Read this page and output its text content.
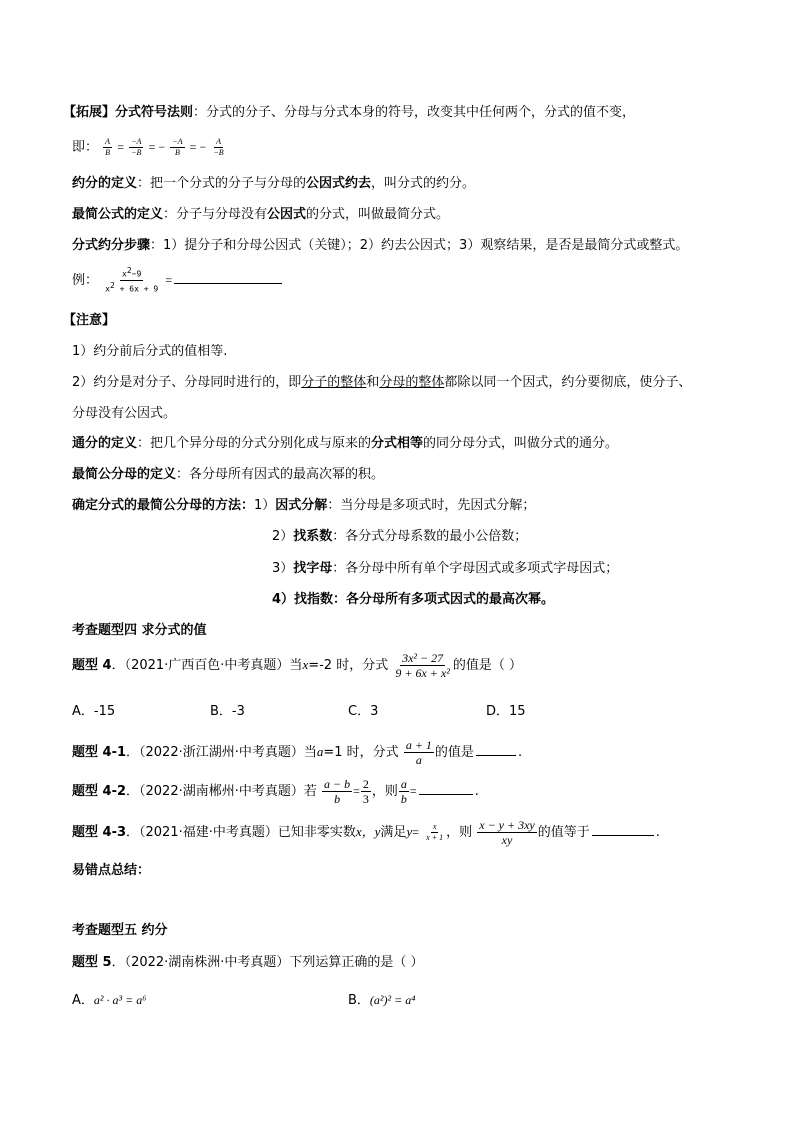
【拓展】分式符号法则：分式的分子、分母与分式本身的符号，改变其中任何两个，分式的值不变，
即： $\frac{A}{B} = \frac{-A}{-B}$ = − $\frac{-A}{B}$ = − $\frac{A}{-B}$
约分的定义：把一个分式的分子与分母的公因式约去，叫分式的约分。
最简公式的定义：分子与分母没有公因式的分式，叫做最简分式。
分式约分步骤：1）提分子和分母公因式（关键）；2）约去公因式；3）观察结果，是否是最简分式或整式。
例： $\frac{x2-9}{x2 + 6x + 9}$ =
【注意】
1）约分前后分式的值相等.
2）约分是对分子、分母同时进行的，即分子的整体和分母的整体都除以同一个因式，约分要彻底，使分子、
分母没有公因式。
通分的定义：把几个异分母的分式分别化成与原来的分式相等的同分母分式，叫做分式的通分。
最简公分母的定义：各分母所有因式的最高次幂的积。
确定分式的最简公分母的方法：1）因式分解：当分母是多项式时，先因式分解；
2）找系数：各分式分母系数的最小公倍数；
3）找字母：各分母中所有单个字母因式或多项式字母因式；
4）找指数：各分母所有多项式因式的最高次幂。
考查题型四 求分式的值
题型 4．（2021·广西百色·中考真题）当x=-2 时，分式 $\frac{\text{3x² − 27}}{\text{9 + 6x + x²}}$ 的值是（ ）
A．-15	B．-3	C．3	D．15
题型 4-1．（2022·浙江湖州·中考真题）当a=1 时，分式 $\frac{a + 1}{a}$ 的值是	.
题型 4-2．（2022·湖南郴州·中考真题）若 $\frac{a - b}{b} = \frac{2}{3}$ ，则 $\frac{a}{b}$ =	.
题型 4-3．（2021·福建·中考真题）已知非零实数x，y满足$y= \frac{x}{x + 1}$ ，则 $\frac{x - y + 3xy}{xy}$ 的值等于	.
易错点总结：
考查题型五 约分
题型 5．（2022·湖南株洲·中考真题）下列运算正确的是（ ）
A．a² · a³ = a⁶	B．(a²)² = a⁴
